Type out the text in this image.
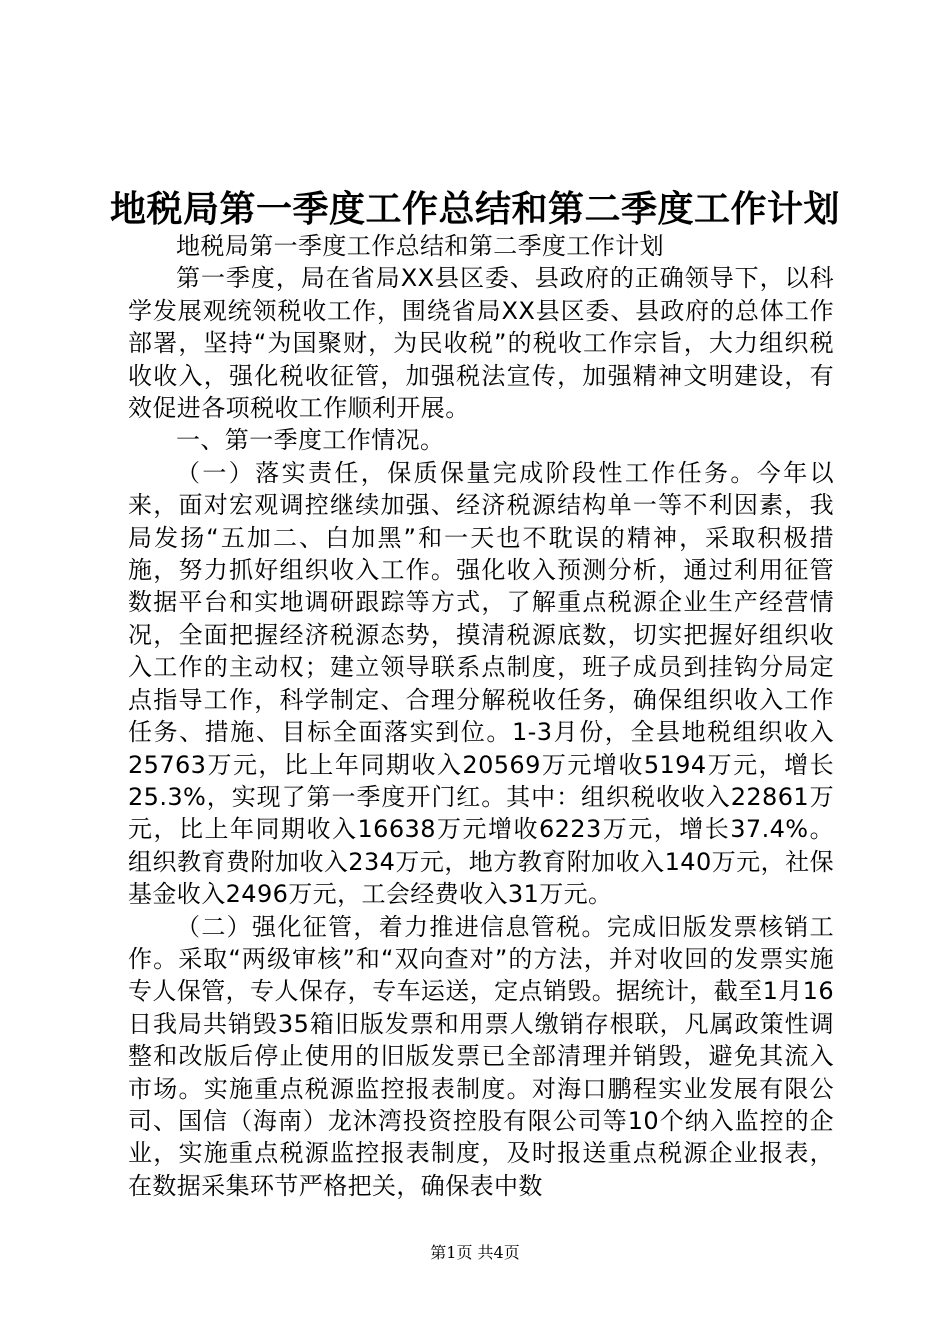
地税局第一季度工作总结和第二季度工作计划

地税局第一季度工作总结和第二季度工作计划

第一季度，局在省局XX县区委、县政府的正确领导下，以科学发展观统领税收工作，围绕省局XX县区委、县政府的总体工作部署，坚持“为国聚财，为民收税”的税收工作宗旨，大力组织税收收入，强化税收征管，加强税法宣传，加强精神文明建设，有效促进各项税收工作顺利开展。

一、第一季度工作情况。

（一）落实责任，保质保量完成阶段性工作任务。今年以来，面对宏观调控继续加强、经济税源结构单一等不利因素，我局发扬“五加二、白加黑”和一天也不耽误的精神，采取积极措施，努力抓好组织收入工作。强化收入预测分析，通过利用征管数据平台和实地调研跟踪等方式，了解重点税源企业生产经营情况，全面把握经济税源态势，摸清税源底数，切实把握好组织收入工作的主动权；建立领导联系点制度，班子成员到挂钩分局定点指导工作，科学制定、合理分解税收任务，确保组织收入工作任务、措施、目标全面落实到位。1-3月份，全县地税组织收入25763万元，比上年同期收入20569万元增收5194万元，增长25.3%，实现了第一季度开门红。其中：组织税收收入22861万元，比上年同期收入16638万元增收6223万元，增长37.4%。组织教育费附加收入234万元，地方教育附加收入140万元，社保基金收入2496万元，工会经费收入31万元。

（二）强化征管，着力推进信息管税。完成旧版发票核销工作。采取“两级审核”和“双向查对”的方法，并对收回的发票实施专人保管，专人保存，专车运送，定点销毁。据统计，截至1月16日我局共销毁35箱旧版发票和用票人缴销存根联，凡属政策性调整和改版后停止使用的旧版发票已全部清理并销毁，避免其流入市场。实施重点税源监控报表制度。对海口鹏程实业发展有限公司、国信（海南）龙沐湾投资控股有限公司等10个纳入监控的企业，实施重点税源监控报表制度，及时报送重点税源企业报表，在数据采集环节严格把关，确保表中数

第1页 共4页
